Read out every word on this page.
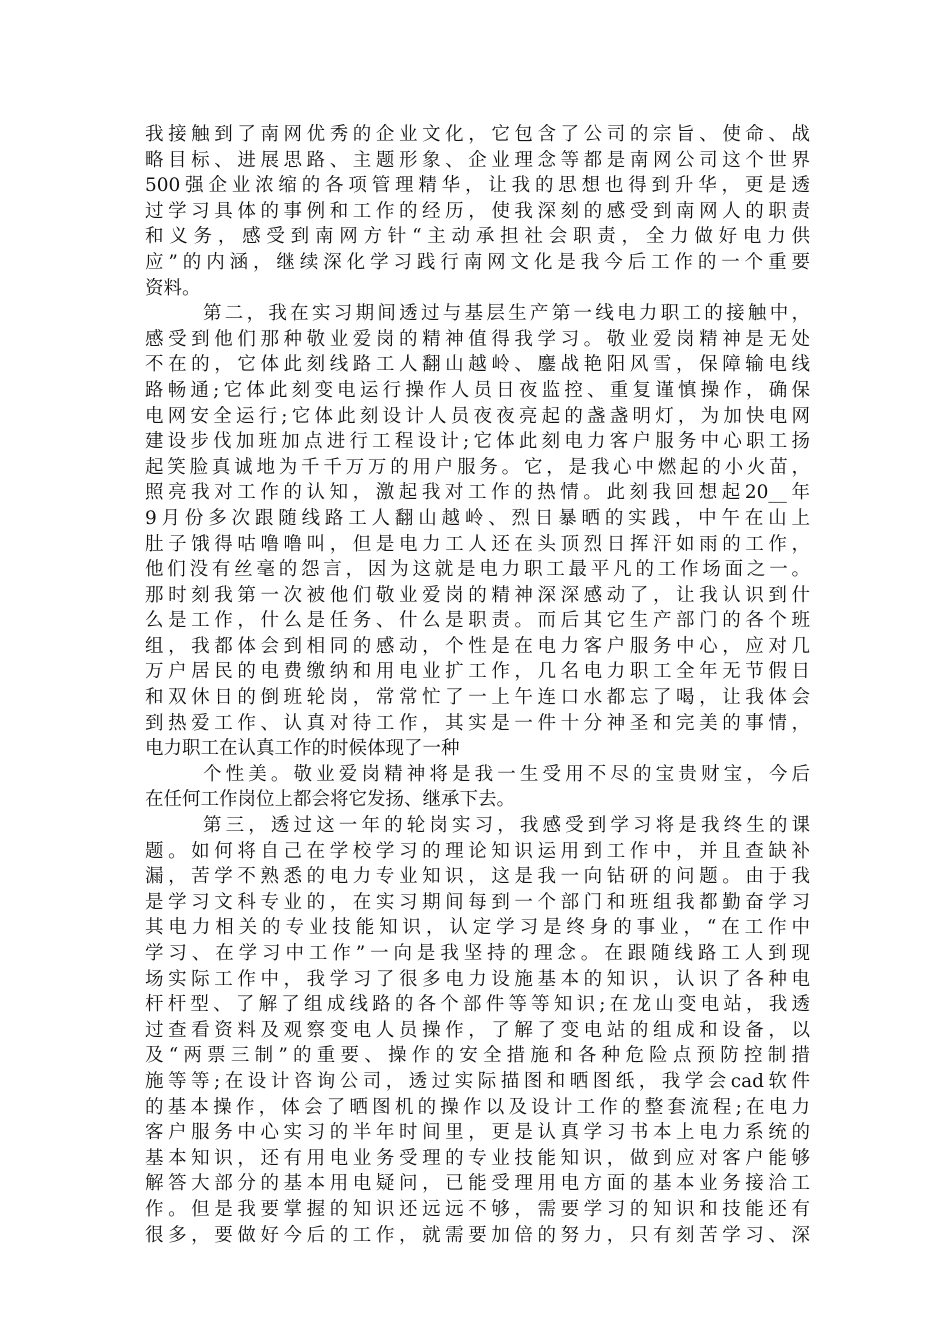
我接触到了南网优秀的企业文化，它包含了公司的宗旨、使命、战
略目标、进展思路、主题形象、企业理念等都是南网公司这个世界
500强企业浓缩的各项管理精华，让我的思想也得到升华，更是透
过学习具体的事例和工作的经历，使我深刻的感受到南网人的职责
和义务，感受到南网方针“主动承担社会职责，全力做好电力供
应”的内涵，继续深化学习践行南网文化是我今后工作的一个重要
资料。
第二，我在实习期间透过与基层生产第一线电力职工的接触中，
感受到他们那种敬业爱岗的精神值得我学习。敬业爱岗精神是无处
不在的，它体此刻线路工人翻山越岭、鏖战艳阳风雪，保障输电线
路畅通;它体此刻变电运行操作人员日夜监控、重复谨慎操作，确保
电网安全运行;它体此刻设计人员夜夜亮起的盏盏明灯，为加快电网
建设步伐加班加点进行工程设计;它体此刻电力客户服务中心职工扬
起笑脸真诚地为千千万万的用户服务。它，是我心中燃起的小火苗，
照亮我对工作的认知，激起我对工作的热情。此刻我回想起20__年
9月份多次跟随线路工人翻山越岭、烈日暴晒的实践，中午在山上
肚子饿得咕噜噜叫，但是电力工人还在头顶烈日挥汗如雨的工作，
他们没有丝毫的怨言，因为这就是电力职工最平凡的工作场面之一。
那时刻我第一次被他们敬业爱岗的精神深深感动了，让我认识到什
么是工作，什么是任务、什么是职责。而后其它生产部门的各个班
组，我都体会到相同的感动，个性是在电力客户服务中心，应对几
万户居民的电费缴纳和用电业扩工作，几名电力职工全年无节假日
和双休日的倒班轮岗，常常忙了一上午连口水都忘了喝，让我体会
到热爱工作、认真对待工作，其实是一件十分神圣和完美的事情，
电力职工在认真工作的时候体现了一种
个性美。敬业爱岗精神将是我一生受用不尽的宝贵财宝，今后
在任何工作岗位上都会将它发扬、继承下去。
第三，透过这一年的轮岗实习，我感受到学习将是我终生的课
题。如何将自己在学校学习的理论知识运用到工作中，并且查缺补
漏，苦学不熟悉的电力专业知识，这是我一向钻研的问题。由于我
是学习文科专业的，在实习期间每到一个部门和班组我都勤奋学习
其电力相关的专业技能知识，认定学习是终身的事业，“在工作中
学习、在学习中工作”一向是我坚持的理念。在跟随线路工人到现
场实际工作中，我学习了很多电力设施基本的知识，认识了各种电
杆杆型、了解了组成线路的各个部件等等知识;在龙山变电站，我透
过查看资料及观察变电人员操作，了解了变电站的组成和设备，以
及“两票三制”的重要、操作的安全措施和各种危险点预防控制措
施等等;在设计咨询公司，透过实际描图和晒图纸，我学会cad软件
的基本操作，体会了晒图机的操作以及设计工作的整套流程;在电力
客户服务中心实习的半年时间里，更是认真学习书本上电力系统的
基本知识，还有用电业务受理的专业技能知识，做到应对客户能够
解答大部分的基本用电疑问，已能受理用电方面的基本业务接洽工
作。但是我要掌握的知识还远远不够，需要学习的知识和技能还有
很多，要做好今后的工作，就需要加倍的努力，只有刻苦学习、深
